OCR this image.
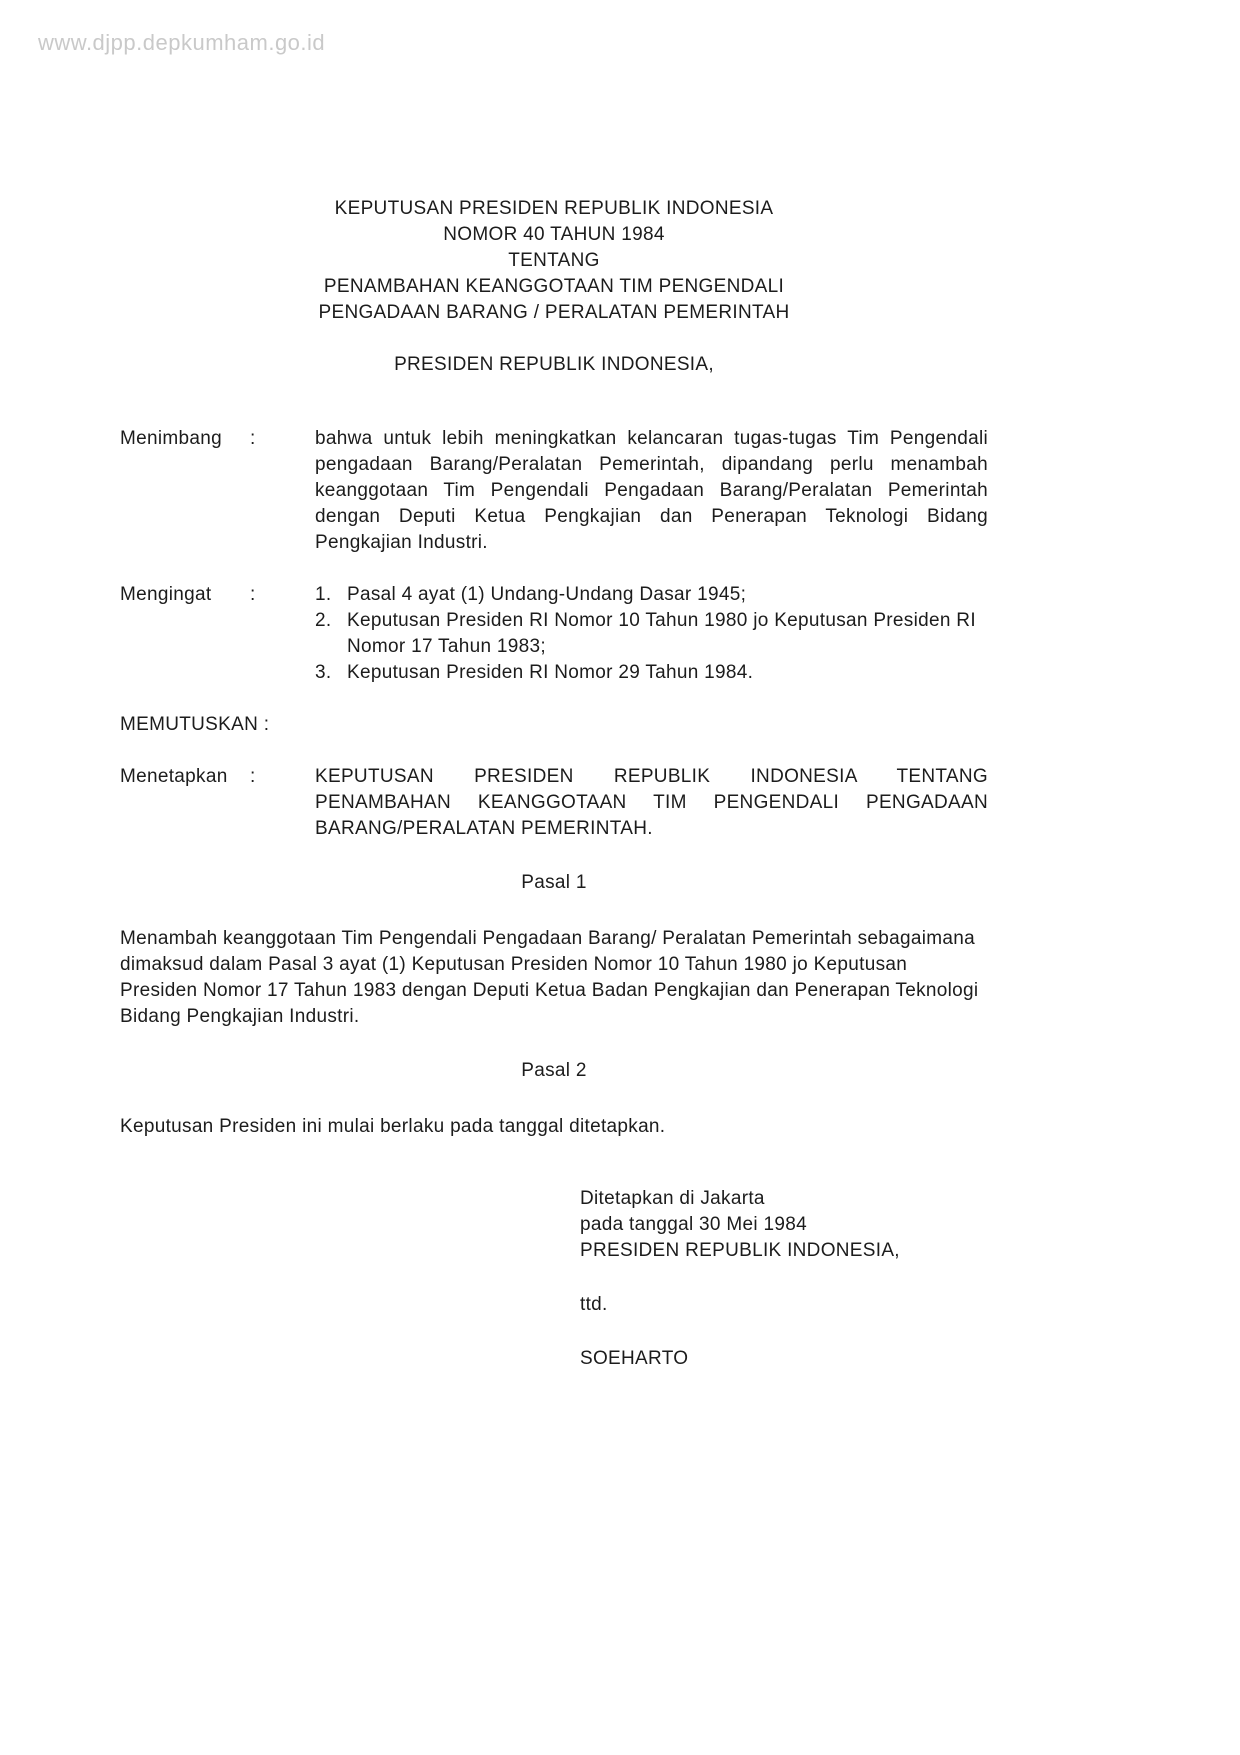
www.djpp.depkumham.go.id
KEPUTUSAN PRESIDEN REPUBLIK INDONESIA
NOMOR 40 TAHUN 1984
TENTANG
PENAMBAHAN KEANGGOTAAN TIM PENGENDALI
PENGADAAN BARANG / PERALATAN PEMERINTAH
PRESIDEN REPUBLIK INDONESIA,
Menimbang	:	bahwa untuk lebih meningkatkan kelancaran tugas-tugas Tim Pengendali pengadaan Barang/Peralatan Pemerintah, dipandang perlu menambah keanggotaan Tim Pengendali Pengadaan Barang/Peralatan Pemerintah dengan Deputi Ketua Pengkajian dan Penerapan Teknologi Bidang Pengkajian Industri.
Mengingat	:	1. Pasal 4 ayat (1) Undang-Undang Dasar 1945;
2. Keputusan Presiden RI Nomor 10 Tahun 1980 jo Keputusan Presiden RI Nomor 17 Tahun 1983;
3. Keputusan Presiden RI Nomor 29 Tahun 1984.
MEMUTUSKAN :
Menetapkan	:	KEPUTUSAN PRESIDEN REPUBLIK INDONESIA TENTANG PENAMBAHAN KEANGGOTAAN TIM PENGENDALI PENGADAAN BARANG/PERALATAN PEMERINTAH.
Pasal 1
Menambah keanggotaan Tim Pengendali Pengadaan Barang/ Peralatan Pemerintah sebagaimana dimaksud dalam Pasal 3 ayat (1) Keputusan Presiden Nomor 10 Tahun 1980 jo Keputusan Presiden Nomor 17 Tahun 1983 dengan Deputi Ketua Badan Pengkajian dan Penerapan Teknologi Bidang Pengkajian Industri.
Pasal 2
Keputusan Presiden ini mulai berlaku pada tanggal ditetapkan.
Ditetapkan di Jakarta
pada tanggal 30 Mei 1984
PRESIDEN REPUBLIK INDONESIA,
ttd.
SOEHARTO
